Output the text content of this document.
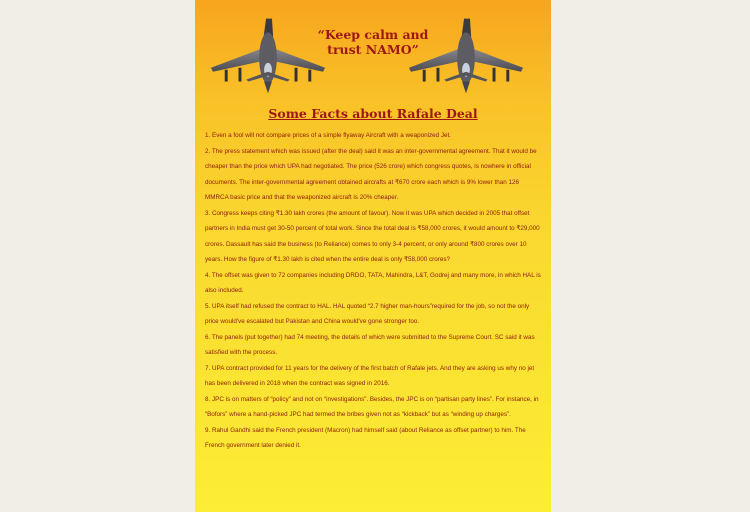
“Keep calm and trust NAMO”
Some Facts about Rafale Deal

1. Even a fool will not compare prices of a simple flyaway Aircraft with a weaponized Jet.

2. The press statement which was issued (after the deal) said it was an inter-governmental agreement. That it would be cheaper than the price which UPA had negotiated. The price (526 crore) which congress quotes, is nowhere in official documents. The inter-governmental agreement obtained aircrafts at ₹670 crore each which is 9% lower than 126 MMRCA basic price and that the weaponized aircraft is 20% cheaper.

3. Congress keeps citing ₹1.30 lakh crores (the amount of favour). Now it was UPA which decided in 2005 that offset partners in India must get 30-50 percent of total work. Since the total deal is ₹58,000 crores, it would amount to ₹29,000 crores. Dassault has said the business (to Reliance) comes to only 3-4 percent, or only around ₹800 crores over 10 years. How the figure of ₹1.30 lakh is cited when the entire deal is only ₹58,000 crores?

4. The offset was given to 72 companies including DRDO, TATA, Mahindra, L&T, Godrej and many more, in which HAL is also included.

5. UPA itself had refused the contract to HAL. HAL quoted “2.7 higher man-hours”required for the job, so not the only price would've escalated but Pakistan and China would've gone stronger too.

6. The panels (put together) had 74 meeting, the details of which were submitted to the Supreme Court. SC said it was satisfied with the process.

7. UPA contract provided for 11 years for the delivery of the first batch of Rafale jets. And they are asking us why no jet has been delivered in 2018 when the contract was signed in 2016.

8. JPC is on matters of “policy” and not on “investigations”. Besides, the JPC is on “partisan party lines”. For instance, in “Bofors” where a hand-picked JPC had termed the bribes given not as “kickback” but as “winding up charges”.

9. Rahul Gandhi said the French president (Macron) had himself said (about Reliance as offset partner) to him. The French government later denied it.
